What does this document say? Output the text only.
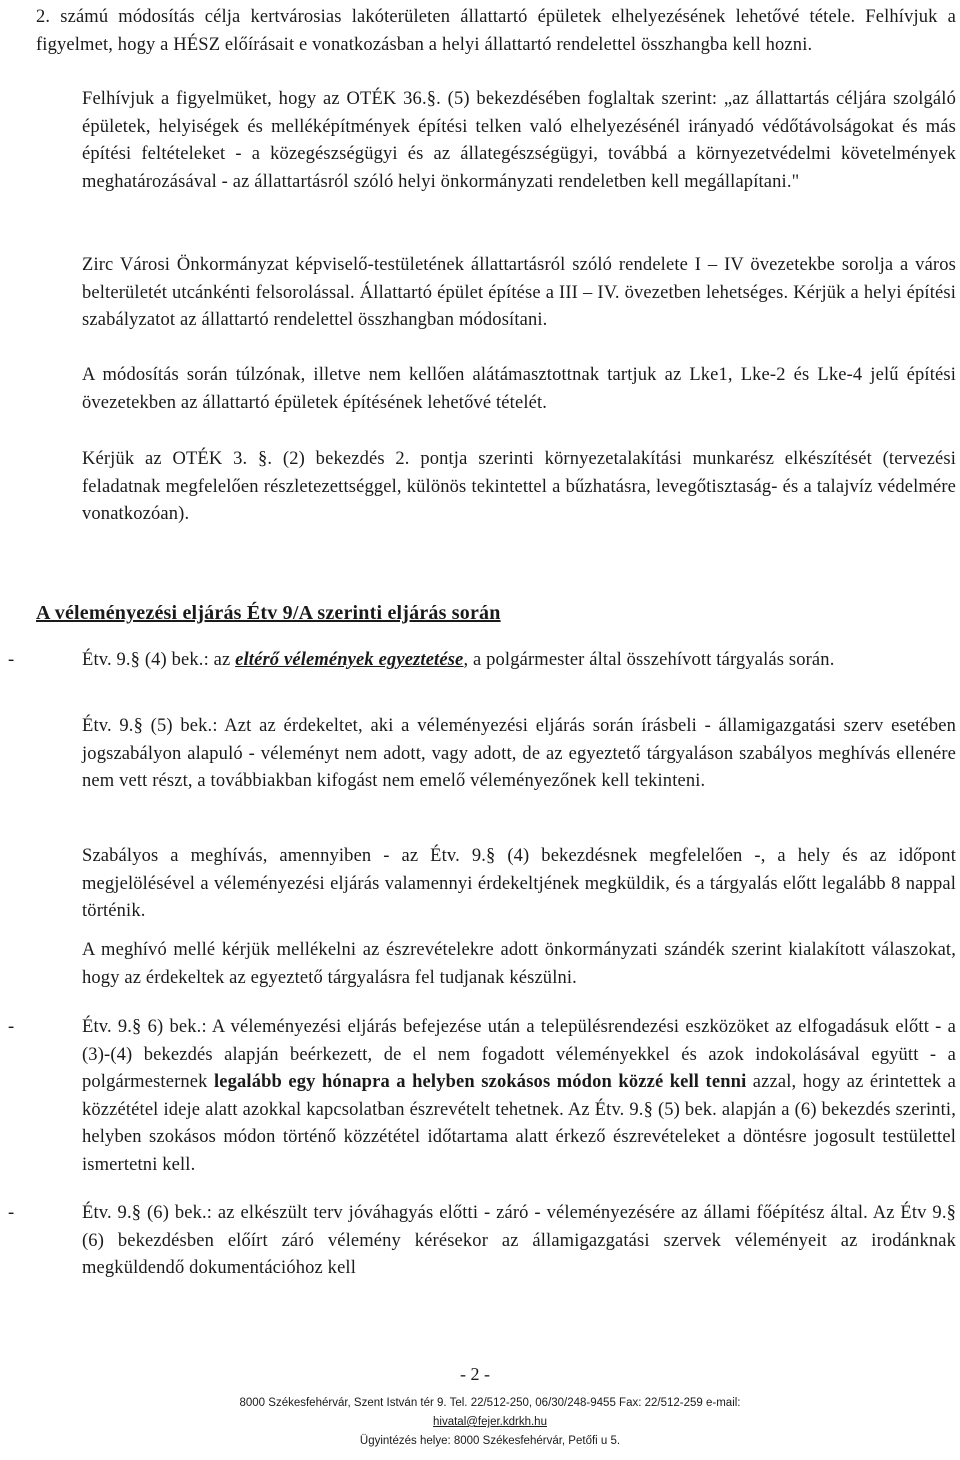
2. számú módosítás célja kertvárosias lakóterületen állattartó épületek elhelyezésének lehetővé tétele. Felhívjuk a figyelmet, hogy a HÉSZ előírásait e vonatkozásban a helyi állattartó rendelettel összhangba kell hozni.

Felhívjuk a figyelmüket, hogy az OTÉK 36.§. (5) bekezdésében foglaltak szerint: „az állattartás céljára szolgáló épületek, helyiségek és melléképítmények építési telken való elhelyezésénél irányadó védőtávolságokat és más építési feltételeket - a közegészségügyi és az állategészségügyi, továbbá a környezetvédelmi követelmények meghatározásával - az állattartásról szóló helyi önkormányzati rendeletben kell megállapítani."

Zirc Városi Önkormányzat képviselő-testületének állattartásról szóló rendelete I – IV övezetekbe sorolja a város belterületét utcánkénti felsorolással. Állattartó épület építése a III – IV. övezetben lehetséges. Kérjük a helyi építési szabályzatot az állattartó rendelettel összhangban módosítani.

A módosítás során túlzónak, illetve nem kellően alátámasztottnak tartjuk az Lke1, Lke-2 és Lke-4 jelű építési övezetekben az állattartó épületek építésének lehetővé tételét.

Kérjük az OTÉK 3. §. (2) bekezdés 2. pontja szerinti környezetalakítási munkarész elkészítését (tervezési feladatnak megfelelően részletezettséggel, különös tekintettel a bűzhatásra, levegőtisztaság- és a talajvíz védelmére vonatkozóan).

A véleményezési eljárás Étv 9/A szerinti eljárás során
-	Étv. 9.§ (4) bek.: az eltérő vélemények egyeztetése, a polgármester által összehívott tárgyalás során.

Étv. 9.§ (5) bek.: Azt az érdekeltet, aki a véleményezési eljárás során írásbeli - államigazgatási szerv esetében jogszabályon alapuló - véleményt nem adott, vagy adott, de az egyeztető tárgyaláson szabályos meghívás ellenére nem vett részt, a továbbiakban kifogást nem emelő véleményezőnek kell tekinteni.

Szabályos a meghívás, amennyiben - az Étv. 9.§ (4) bekezdésnek megfelelően -, a hely és az időpont megjelölésével a véleményezési eljárás valamennyi érdekeltjének megküldik, és a tárgyalás előtt legalább 8 nappal történik.

A meghívó mellé kérjük mellékelni az észrevételekre adott önkormányzati szándék szerint kialakított válaszokat, hogy az érdekeltek az egyeztető tárgyalásra fel tudjanak készülni.

-	Étv. 9.§ 6) bek.: A véleményezési eljárás befejezése után a településrendezési eszközöket az elfogadásuk előtt - a (3)-(4) bekezdés alapján beérkezett, de el nem fogadott véleményekkel és azok indokolásával együtt - a polgármesternek legalább egy hónapra a helyben szokásos módon közzé kell tenni azzal, hogy az érintettek a közzététel ideje alatt azokkal kapcsolatban észrevételt tehetnek. Az Étv. 9.§ (5) bek. alapján a (6) bekezdés szerinti, helyben szokásos módon történő közzététel időtartama alatt érkező észrevételeket a döntésre jogosult testülettel ismertetni kell.

-	Étv. 9.§ (6) bek.: az elkészült terv jóváhagyás előtti - záró - véleményezésére az állami főépítész által. Az Étv 9.§ (6) bekezdésben előírt záró vélemény kérésekor az államigazgatási szervek véleményeit az irodánknak megküldendő dokumentációhoz kell

- 2 -
8000 Székesfehérvár, Szent István tér 9. Tel. 22/512-250, 06/30/248-9455 Fax: 22/512-259 e-mail:
hivatal@fejer.kdrkh.hu
Ügyintézés helye: 8000 Székesfehérvár, Petőfi u 5.
